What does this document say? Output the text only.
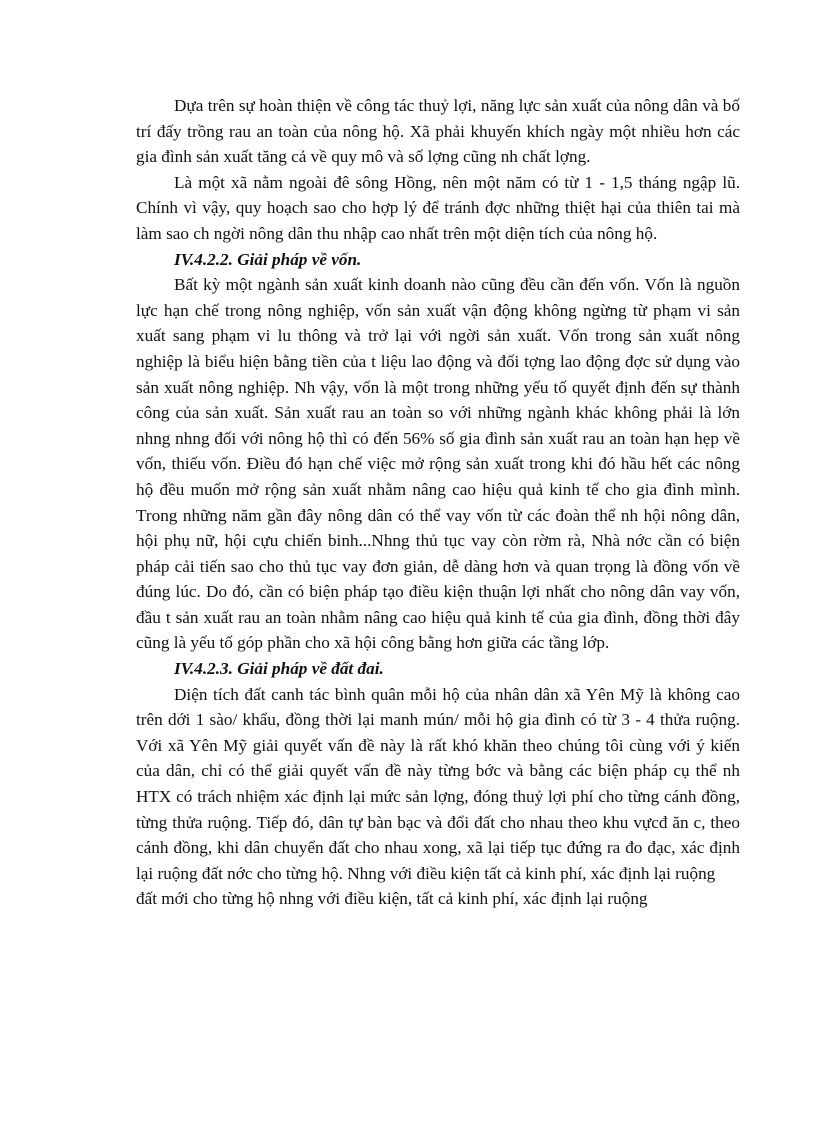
Dựa trên sự hoàn thiện về công tác thuỷ lợi, năng lực sản xuất của nông dân và bố trí đấy trồng rau an toàn của nông hộ. Xã phải khuyến khích ngày một nhiều hơn các gia đình sản xuất tăng cả về quy mô và số lợng cũng nh chất lợng.

Là một xã nằm ngoài đê sông Hồng, nên một năm có từ 1 - 1,5 tháng ngập lũ. Chính vì vậy, quy hoạch sao cho hợp lý để tránh đợc những thiệt hại của thiên tai mà làm sao ch ngời nông dân thu nhập cao nhất trên một diện tích của nông hộ.

IV.4.2.2. Giải pháp về vốn.

Bất kỳ một ngành sản xuất kinh doanh nào cũng đều cần đến vốn. Vốn là nguồn lực hạn chế trong nông nghiệp, vốn sản xuất vận động không ngừng từ phạm vi sản xuất sang phạm vi lu thông và trở lại với ngời sản xuất. Vốn trong sản xuất nông nghiệp là biểu hiện bằng tiền của t liệu lao động và đối tợng lao động đợc sử dụng vào sản xuất nông nghiệp. Nh vậy, vốn là một trong những yếu tố quyết định đến sự thành công của sản xuất. Sản xuất rau an toàn so với những ngành khác không phải là lớn nhng nhng đối với nông hộ thì có đến 56% số gia đình sản xuất rau an toàn hạn hẹp về vốn, thiếu vốn. Điều đó hạn chế việc mở rộng sản xuất trong khi đó hầu hết các nông hộ đều muốn mở rộng sản xuất nhằm nâng cao hiệu quả kinh tế cho gia đình mình. Trong những năm gần đây nông dân có thể vay vốn từ các đoàn thể nh hội nông dân, hội phụ nữ, hội cựu chiến binh...Nhng thủ tục vay còn rờm rà, Nhà nớc cần có biện pháp cải tiến sao cho thủ tục vay đơn giản, dễ dàng hơn và quan trọng là đồng vốn về đúng lúc. Do đó, cần có biện pháp tạo điều kiện thuận lợi nhất cho nông dân vay vốn, đầu t sản xuất rau an toàn nhằm nâng cao hiệu quả kinh tế của gia đình, đồng thời đây cũng là yếu tố góp phần cho xã hội công bằng hơn giữa các tầng lớp.

IV.4.2.3. Giải pháp về đất đai.

Diện tích đất canh tác bình quân mỗi hộ của nhân dân xã Yên Mỹ là không cao trên dới 1 sào/ khẩu, đồng thời lại manh mún/ mỗi hộ gia đình có từ 3 - 4 thửa ruộng. Với xã Yên Mỹ giải quyết vấn đề này là rất khó khăn theo chúng tôi cùng với ý kiến của dân, chỉ có thể giải quyết vấn đề này từng bớc và bằng các biện pháp cụ thể nh HTX có trách nhiệm xác định lại mức sản lợng, đóng thuỷ lợi phí cho từng cánh đồng, từng thửa ruộng. Tiếp đó, dân tự bàn bạc và đổi đất cho nhau theo khu vựcđ ăn c, theo cánh đồng, khi dân chuyển đất cho nhau xong, xã lại tiếp tục đứng ra đo đạc, xác định lại ruộng đất nớc cho từng hộ. Nhng với điều kiện tất cả kinh phí, xác định lại ruộng

đất mới cho từng hộ nhng với điều kiện, tất cả kinh phí, xác định lại ruộng
